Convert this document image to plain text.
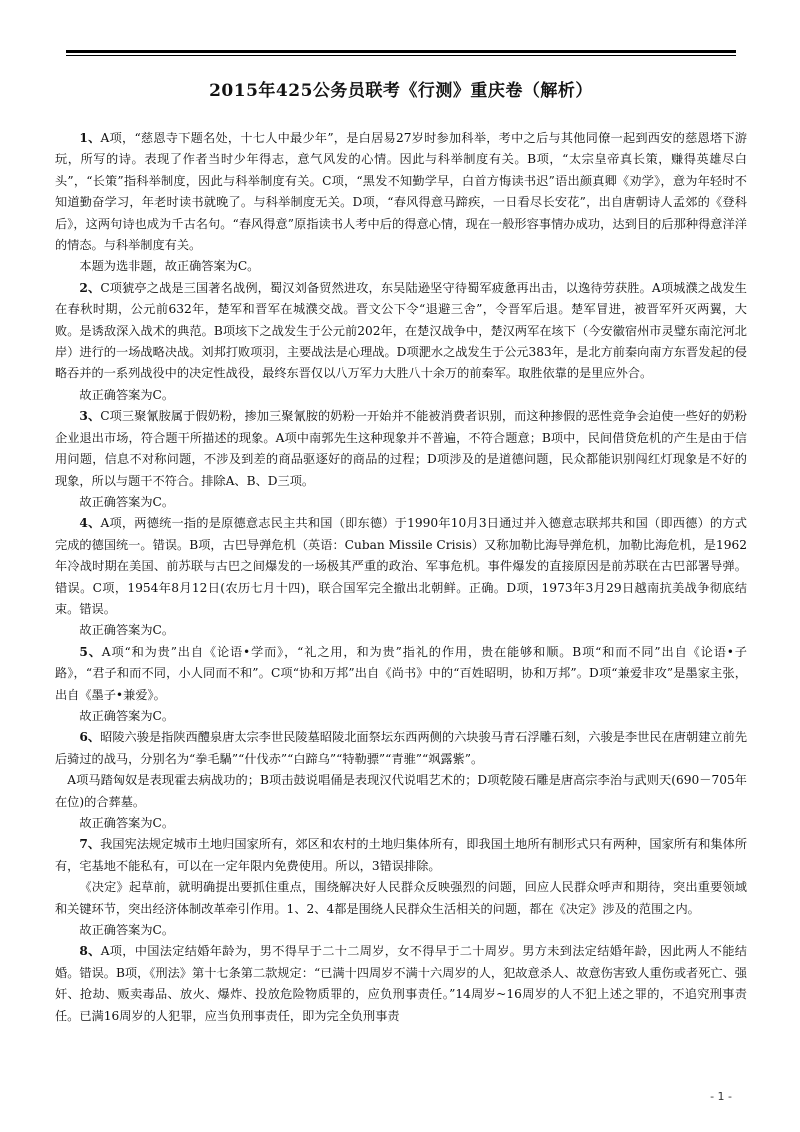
2015年425公务员联考《行测》重庆卷（解析）

1、A项，“慈恩寺下题名处，十七人中最少年”，是白居易27岁时参加科举，考中之后与其他同僚一起到西安的慈恩塔下游玩，所写的诗。表现了作者当时少年得志，意气风发的心情。因此与科举制度有关。B项，“太宗皇帝真长策，赚得英雄尽白头”，“长策”指科举制度，因此与科举制度有关。C项，“黑发不知勤学早，白首方悔读书迟”语出颜真卿《劝学》，意为年轻时不知道勤奋学习，年老时读书就晚了。与科举制度无关。D项，“春风得意马蹄疾，一日看尽长安花”，出自唐朝诗人孟郊的《登科后》，这两句诗也成为千古名句。“春风得意”原指读书人考中后的得意心情，现在一般形容事情办成功，达到目的后那种得意洋洋的情态。与科举制度有关。

本题为选非题，故正确答案为C。

2、C项猇亭之战是三国著名战例，蜀汉刘备贸然进攻，东吴陆逊坚守待蜀军疲惫再出击，以逸待劳获胜。A项城濮之战发生在春秋时期，公元前632年，楚军和晋军在城濮交战。晋文公下令“退避三舍”，令晋军后退。楚军冒进，被晋军歼灭两翼，大败。是诱敌深入战术的典范。B项垓下之战发生于公元前202年，在楚汉战争中，楚汉两军在垓下（今安徽宿州市灵璧东南沱河北岸）进行的一场战略决战。刘邦打败项羽，主要战法是心理战。D项淝水之战发生于公元383年，是北方前秦向南方东晋发起的侵略吞并的一系列战役中的决定性战役，最终东晋仅以八万军力大胜八十余万的前秦军。取胜依靠的是里应外合。

故正确答案为C。

3、C项三聚氰胺属于假奶粉，掺加三聚氰胺的奶粉一开始并不能被消费者识别，而这种掺假的恶性竞争会迫使一些好的奶粉企业退出市场，符合题干所描述的现象。A项中南郭先生这种现象并不普遍，不符合题意；B项中，民间借贷危机的产生是由于信用问题，信息不对称问题，不涉及到差的商品驱逐好的商品的过程；D项涉及的是道德问题，民众都能识别闯红灯现象是不好的现象，所以与题干不符合。排除A、B、D三项。

故正确答案为C。

4、A项，两德统一指的是原德意志民主共和国（即东德）于1990年10月3日通过并入德意志联邦共和国（即西德）的方式完成的德国统一。错误。B项，古巴导弹危机（英语：Cuban Missile Crisis）又称加勒比海导弹危机，加勒比海危机，是1962年冷战时期在美国、前苏联与古巴之间爆发的一场极其严重的政治、军事危机。事件爆发的直接原因是前苏联在古巴部署导弹。错误。C项，1954年8月12日(农历七月十四)，联合国军完全撤出北朝鲜。正确。D项，1973年3月29日越南抗美战争彻底结束。错误。

故正确答案为C。

5、A项“和为贵”出自《论语•学而》，“礼之用，和为贵”指礼的作用，贵在能够和顺。B项“和而不同”出自《论语•子路》，“君子和而不同，小人同而不和”。C项“协和万邦”出自《尚书》中的“百姓昭明，协和万邦”。D项“兼爱非攻”是墨家主张，出自《墨子•兼爱》。

故正确答案为C。

6、昭陵六骏是指陕西醴泉唐太宗李世民陵墓昭陵北面祭坛东西两侧的六块骏马青石浮雕石刻，六骏是李世民在唐朝建立前先后骑过的战马，分别名为“拳毛騧”“什伐赤”“白蹄乌”“特勒骠”“青骓”“飒露紫”。

A项马踏匈奴是表现霍去病战功的；B项击鼓说唱俑是表现汉代说唱艺术的；D项乾陵石雕是唐高宗李治与武则天(690－705年在位)的合葬墓。

故正确答案为C。

7、我国宪法规定城市土地归国家所有，郊区和农村的土地归集体所有，即我国土地所有制形式只有两种，国家所有和集体所有，宅基地不能私有，可以在一定年限内免费使用。所以，3错误排除。

《决定》起草前，就明确提出要抓住重点，围绕解决好人民群众反映强烈的问题，回应人民群众呼声和期待，突出重要领域和关键环节，突出经济体制改革牵引作用。1、2、4都是围绕人民群众生活相关的问题，都在《决定》涉及的范围之内。

故正确答案为C。

8、A项，中国法定结婚年龄为，男不得早于二十二周岁，女不得早于二十周岁。男方未到法定结婚年龄，因此两人不能结婚。错误。B项，《刑法》第十七条第二款规定：“已满十四周岁不满十六周岁的人，犯故意杀人、故意伤害致人重伤或者死亡、强奸、抢劫、贩卖毒品、放火、爆炸、投放危险物质罪的，应负刑事责任。”14周岁~16周岁的人不犯上述之罪的，不追究刑事责任。已满16周岁的人犯罪，应当负刑事责任，即为完全负刑事责

- 1 -
